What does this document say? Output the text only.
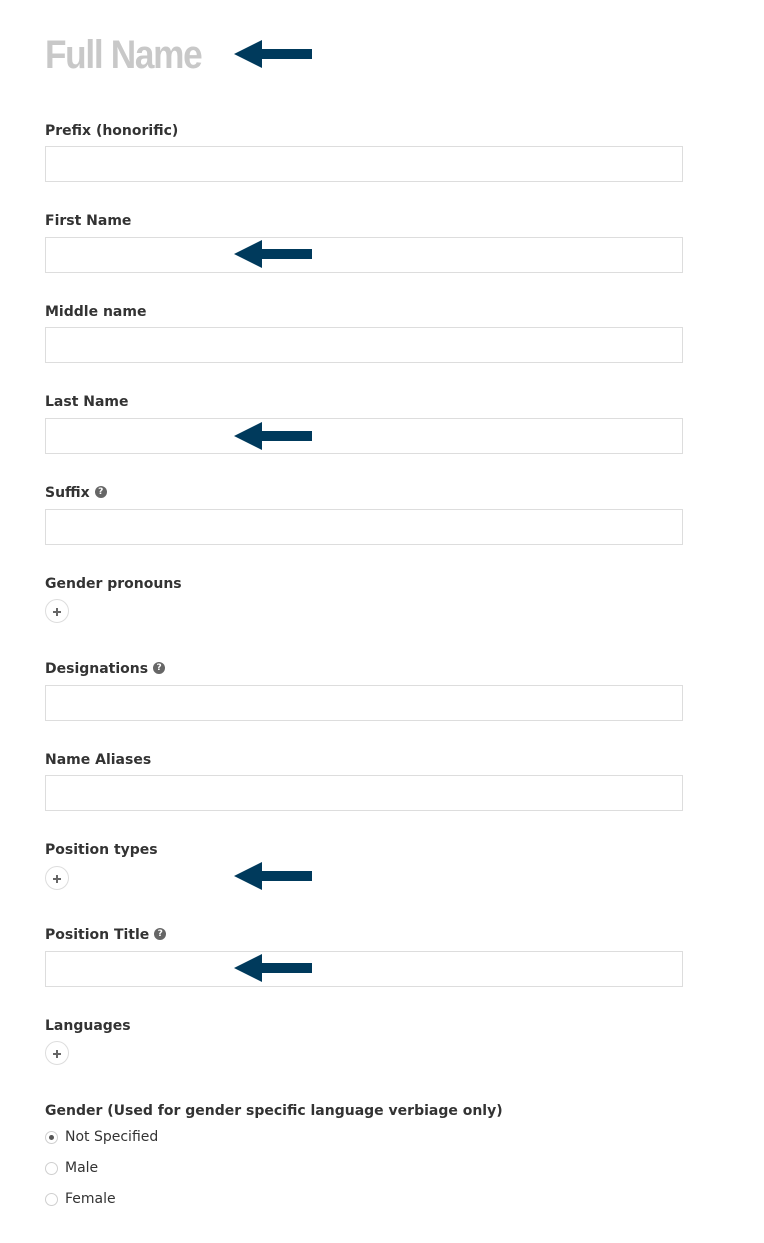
Full Name
Prefix (honorific)
First Name
Middle name
Last Name
Suffix ?
Gender pronouns
Designations ?
Name Aliases
Position types
Position Title ?
Languages
Gender (Used for gender specific language verbiage only)
Not Specified
Male
Female
